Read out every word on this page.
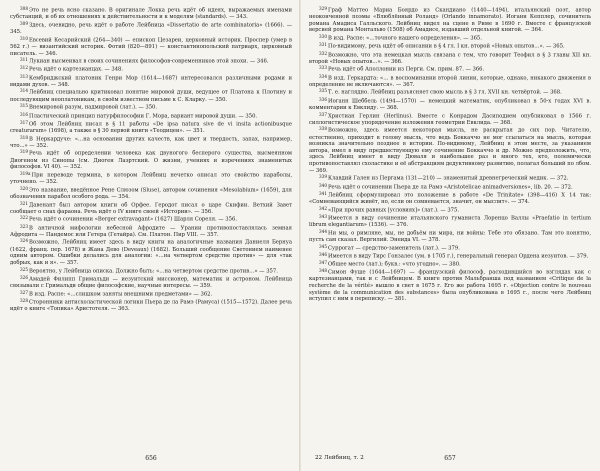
$^{308}$Это не речь ясно сказано. В оригинале Локка речь идёт об идеях, выражаемых именами субстанций, и об их отношениях к действительности и к моделям (standards). — 343.

$^{309}$Здесь, очевидно, речь идёт о работе Лейбница «Dissertatio de arte combinatoria» (1666). — 345.

$^{310}$Евсевий Кесарийский (264—340) — епископ Цезареи, церковный историк. Проспер (умер в 562 г.) — византийский историк. Фотий (820—891) — константинопольский патриарх, церковный писатель. — 346.

$^{311}$Лукиан высмеивал в своих сочинениях философов-современников этой эпохи. — 346.

$^{312}$Речь идёт о картезианцах. — 348.

$^{313}$Кембриджский платоник Генри Мор (1614—1687) интересовался различными родами и видами духов. — 348.

$^{314}$Лейбниц специально критиковал понятие мировой души, ведущее от Платона к Плотину и последующим неоплатоникам, в своём известном письме к С. Кларку. — 350.

$^{315}$Внемировой разум, надмировой (лат.). — 350.

$^{316}$Пластический принцип натурфилософии Г. Мора, вариант мировой души. — 350.

$^{317}$Об этом Лейбниц писал в § 11 работы «De ipsa natura sive de vi insita actionibusque creaturarum» (1698), а также в § 30 первой книги «Теодицеи». — 351.

$^{318}$В Неркардуче: «…на основании других качеств, как цвет и твердость, запах, например, что...» — 352.

$^{319}$Речь идёт об определении человека как двуногого бесперого существа, высмеянном Диогеном из Синопы (см. Диоген Лаэртский. О жизни, учениях и изречениях знаменитых философов. VI 40). — 352.

$^{319a}$При переводе термина, в котором Лейбниц нечетко описал это свойство параболы, уточнено. — 352.

$^{320}$Это название, введённое Рене Слюзом (Sluse), автором сочинения «Mesolabium» (1659), для обозначения парабол особого рода. — 354.

$^{321}$Давенант был автором книги об Орфее. Геродот писал о царе Скифии. Ветхий Завет сообщает о снах фараона. Речь идёт о IV книге своей «Истории». — 356.

$^{322}$Речь идёт о сочинении «Berger extravagant» (1627) Шарля Сореля. — 356.

$^{323}$В античной мифологии небесной Афродите — Урании противопоставлялась земная Афродита — Пандемос или Гетера (Гетайра). См. Платон. Пир VIII. — 357.

$^{324}$Возможно, Лейбниц имеет здесь в виду книги на аналогичные названия Даниеля Бернуа (1622, франц. пер. 1678) и Жана Дево (Deveaux) (1682). Больший сообщение Светонием наименее одним автором. Ошибки делались для аналогии: «…на четвертом средстве против» — для «так добрых, как и я». — 357.

$^{325}$Вероятно, у Лейбница описка. Должно быть: «…на четвертом средстве против…» — 357.

$^{326}$Амадей Филипп Гримальди — иезуитский миссионер, математик и астроном. Лейбница связывали с Гримальди общие философские, научные интересы. — 359.

$^{327}$В изд. Распе: «…слишком заняты внешними предметами» — 362.

$^{328}$Сторонники антисхоластической логики Пьера де ла Рамэ (Рамуса) (1515—1572). Далее речь идёт о книге «Топика» Аристотеля. — 363.

656

$^{329}$Граф Маттео Мариа Боярдо из Скандиано (1440—1494), итальянский поэт, автор неоконченной поэмы «Влюблённый Роланд» (Orlando innamorato). Иоганн Кепплер, сочинитель романа Амадиса Галльского. Лейбниц видел на сцене в Риме в 1690 г. Вместе с французской версией романа Монтальво (1508) об Амадисе, издавший отдельной книгой. — 364.

$^{330}$В изд. Распе: «…точного нашего определения». — 365.

$^{331}$По-видимому, речь идёт об описании в § 4 гл. I кн. второй «Новых опытов…». — 365.

$^{332}$Возможно, что эта немецкая мысль связана с тем, что говорит Теофил в § 3 главы XII кн. второй «Новых опытов…». — 366.

$^{333}$Речь идёт об Аполлонии из Перги. См. прим. 87. — 366.

$^{334}$В изд. Геркардта: «… в воспоминании второй линии, которые, однако, никакого движения в определение не включаются». — 367.

$^{335}$Т. е. наглядно. Лейбниц разъясняет свою мысль в § 3 гл. XVII кн. четвёртой. — 368.

$^{336}$Иоганн Шеббель (1494—1570) — немецкий математик, опубликовал в 50-х годах XVI в. комментарии к Евклиду. — 368.

$^{337}$Христиан Герлин (Herlinus). Вместе с Конрадом Дасиподием опубликовал в 1566 г. силлогистическое упорядочение изложения геометрии Евклида. — 368.

$^{338}$Возможно, здесь имеется некоторая мысль, не раскрытая до сих пор. Читателю, естественно, приходит в голову мысль, что ведь Боккаччо не мог ссылаться на мысль, которая возникла значительно позднее в истории. По-видимому, Лейбниц в этом месте, за указанием автора, имел в виду предшествующую ему сочинение Боккаччо и др. Можно предположить, что, здесь Лейбниц имеет в виду Дюваля и наибольшее раз и много тех, кто, полемически противопоставлял схоластике и её абстракциям дедуктивному развитию, полагал больший по лбом. — 369.

$^{339}$Клавдий Гален из Пергама (131—210) — знаменитый древнегреческий медик. — 372.

$^{340}$Речь идёт о сочинении Пьера де ла Рамэ «Aristotelicae animadversiones», lib. 20. — 372.

$^{341}$Лейбниц сформулировал это положение в работе «De Trinitate» (398—416) X 14 так: «Сомневающийся живёт, но, если он сомневается, значит, он мыслит». — 374.

$^{342}$«При прочих равных [условиях]» (лат.). — 375.

$^{343}$Имеется в виду сочинение итальянского гуманиста Лоренцо Валлы «Praefatio in tertium librum elegantiarum» (1536). — 376.

$^{344}$Ни мы, о римляне, мы, не добьём ни мира, ни войны: Тебе это обязано. Там это понятно, пусть сам сказал. Вергилий. Энеида VI. — 378.

$^{345}$Суррогат — средство-заменитель (лат.). — 379.

$^{346}$Имеется в виду Тирс Гонзалес (ум. в 1705 г.), генеральный генерал Ордена иезуитов. — 379.

$^{347}$Общее место (лат.); букв.: «что угодно». — 380.

$^{348}$Симон Фуше (1644—1697) — французский философ, расходившийся во взглядах как с картезианцами, так и с Лейбницем. В книге против Мальбранша под названием «Critique de la recherche de la vérité» вышло в свет в 1675 г. Его же работа 1695 г. «Objection contre le nouveau système de la communication des substances» была опубликована в 1695 г., после чего Лейбниц вступил с ним в переписку. — 381.

22 Лейбниц, т. 2	657
